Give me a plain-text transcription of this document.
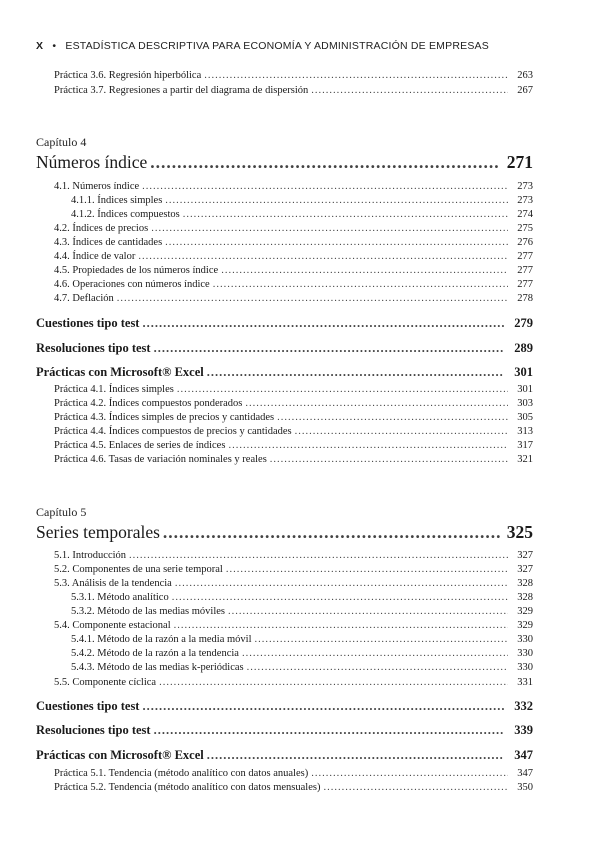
X • ESTADÍSTICA DESCRIPTIVA PARA ECONOMÍA Y ADMINISTRACIÓN DE EMPRESAS
Práctica 3.6. Regresión hiperbólica .....	263
Práctica 3.7. Regresiones a partir del diagrama de dispersión .....	267
Capítulo 4
Números índice .....	271
4.1. Números índice .....	273
4.1.1. Índices simples .....	273
4.1.2. Índices compuestos .....	274
4.2. Índices de precios .....	275
4.3. Índices de cantidades .....	276
4.4. Índice de valor .....	277
4.5. Propiedades de los números índice .....	277
4.6. Operaciones con números índice .....	277
4.7. Deflación .....	278
Cuestiones tipo test .....	279
Resoluciones tipo test .....	289
Prácticas con Microsoft® Excel .....	301
Práctica 4.1. Índices simples .....	301
Práctica 4.2. Índices compuestos ponderados .....	303
Práctica 4.3. Índices simples de precios y cantidades .....	305
Práctica 4.4. Índices compuestos de precios y cantidades .....	313
Práctica 4.5. Enlaces de series de índices .....	317
Práctica 4.6. Tasas de variación nominales y reales .....	321
Capítulo 5
Series temporales .....	325
5.1. Introducción .....	327
5.2. Componentes de una serie temporal .....	327
5.3. Análisis de la tendencia .....	328
5.3.1. Método analítico .....	328
5.3.2. Método de las medias móviles .....	329
5.4. Componente estacional .....	329
5.4.1. Método de la razón a la media móvil .....	330
5.4.2. Método de la razón a la tendencia .....	330
5.4.3. Método de las medias k-periódicas .....	330
5.5. Componente cíclica .....	331
Cuestiones tipo test .....	332
Resoluciones tipo test .....	339
Prácticas con Microsoft® Excel .....	347
Práctica 5.1. Tendencia (método analítico con datos anuales) .....	347
Práctica 5.2. Tendencia (método analítico con datos mensuales) .....	350
